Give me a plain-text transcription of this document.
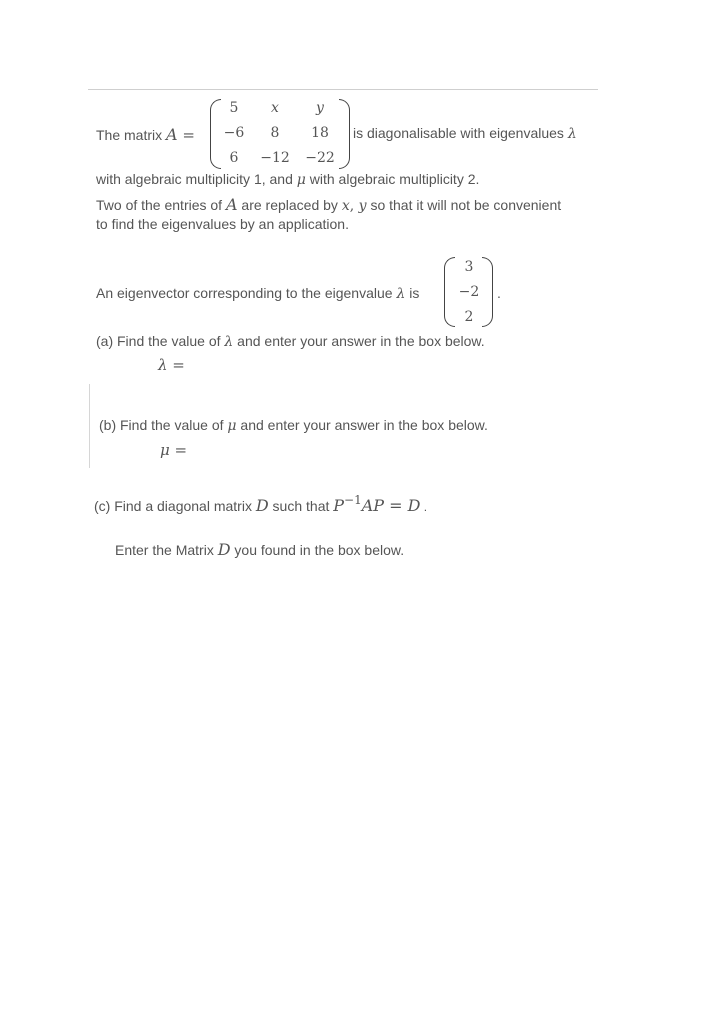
The matrix A =
5	x	y
−6	8	18
6	−12	−22
is diagonalisable with eigenvalues λ
with algebraic multiplicity 1, and μ with algebraic multiplicity 2.
Two of the entries of A are replaced by x, y so that it will not be convenient
to find the eigenvalues by an application.
An eigenvector corresponding to the eigenvalue λ is
3
−2
2
.
(a) Find the value of λ and enter your answer in the box below.
λ =
(b) Find the value of μ and enter your answer in the box below.
μ =
(c) Find a diagonal matrix D such that P−1AP = D .
Enter the Matrix D you found in the box below.
